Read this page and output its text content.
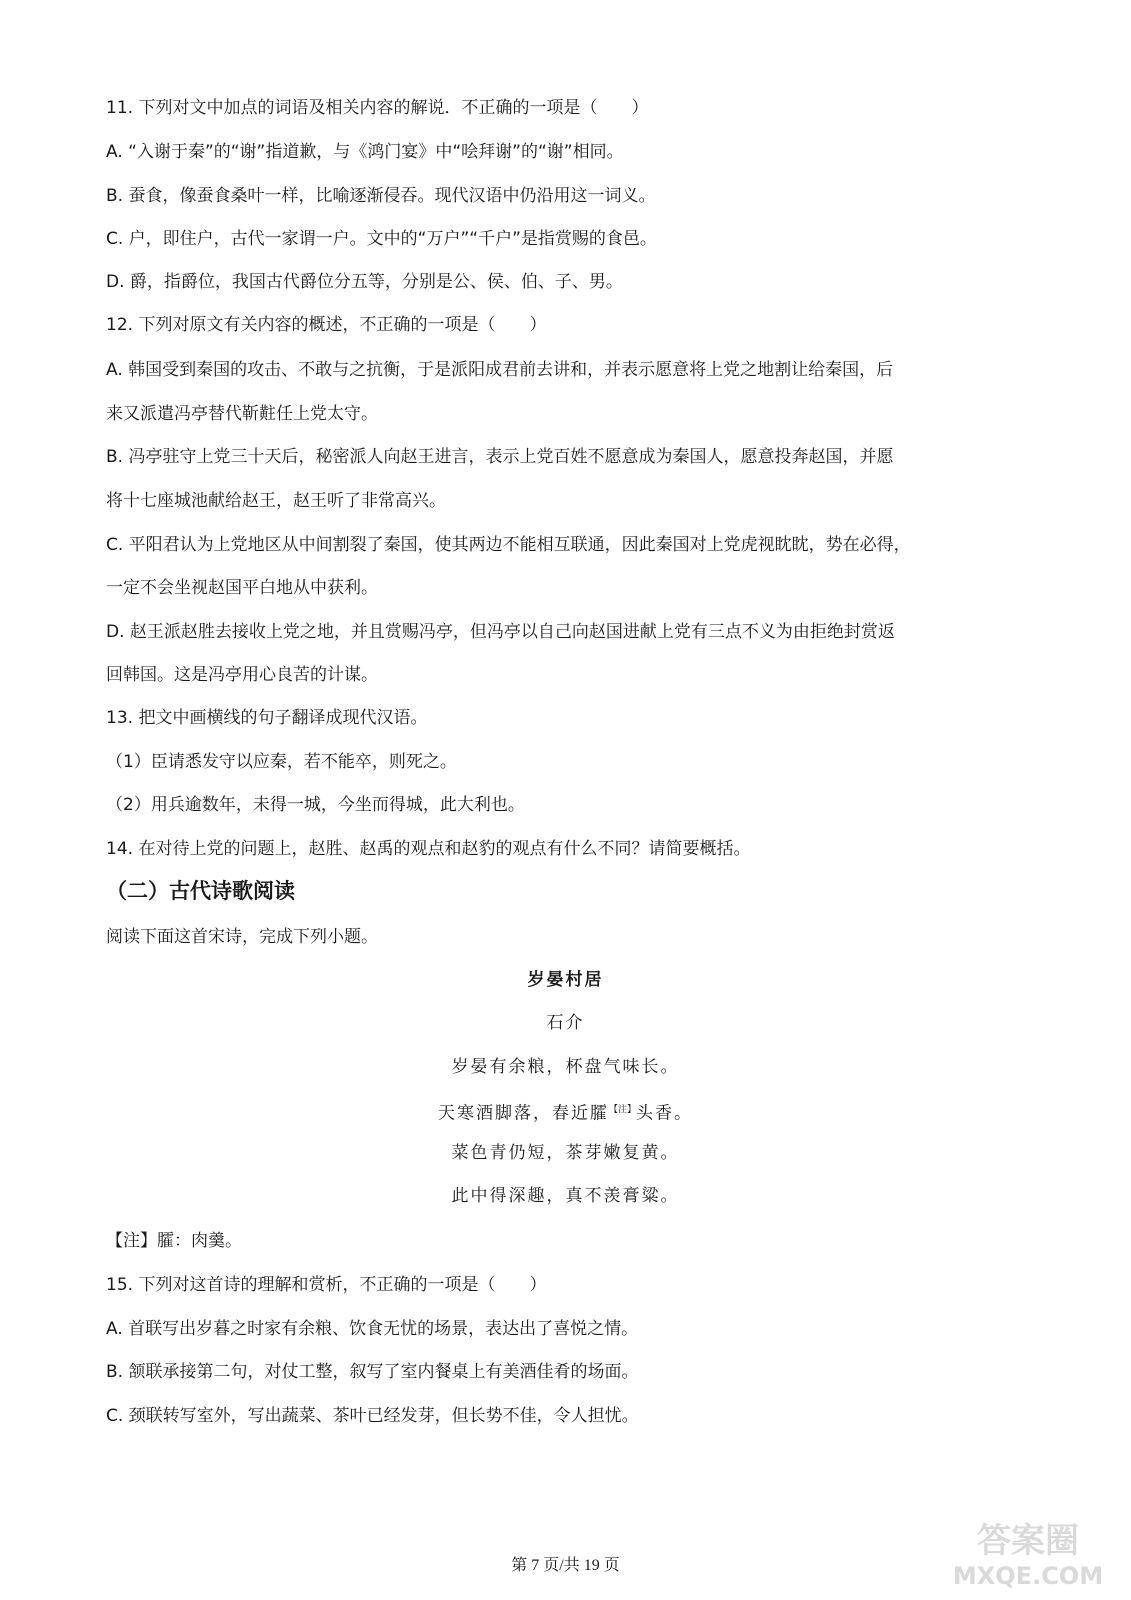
11. 下列对文中加点的词语及相关内容的解说．不正确的一项是（　　）
A. “入谢于秦”的“谢”指道歉，与《鸿门宴》中“哙拜谢”的“谢”相同。
B. 蚕食，像蚕食桑叶一样，比喻逐渐侵吞。现代汉语中仍沿用这一词义。
C. 户，即住户，古代一家谓一户。文中的“万户”“千户”是指赏赐的食邑。
D. 爵，指爵位，我国古代爵位分五等，分别是公、侯、伯、子、男。
12. 下列对原文有关内容的概述，不正确的一项是（　　）
A. 韩国受到秦国的攻击、不敢与之抗衡，于是派阳成君前去讲和，并表示愿意将上党之地割让给秦国，后
来又派遣冯亭替代靳黈任上党太守。
B. 冯亭驻守上党三十天后，秘密派人向赵王进言，表示上党百姓不愿意成为秦国人，愿意投奔赵国，并愿
将十七座城池献给赵王，赵王听了非常高兴。
C. 平阳君认为上党地区从中间割裂了秦国，使其两边不能相互联通，因此秦国对上党虎视眈眈，势在必得，
一定不会坐视赵国平白地从中获利。
D. 赵王派赵胜去接收上党之地，并且赏赐冯亭，但冯亭以自己向赵国进献上党有三点不义为由拒绝封赏返
回韩国。这是冯亭用心良苦的计谋。
13. 把文中画横线的句子翻译成现代汉语。
（1）臣请悉发守以应秦，若不能卒，则死之。
（2）用兵逾数年，未得一城，今坐而得城，此大利也。
14. 在对待上党的问题上，赵胜、赵禹的观点和赵豹的观点有什么不同？请简要概括。
（二）古代诗歌阅读
阅读下面这首宋诗，完成下列小题。
岁晏村居
石介
岁晏有余粮，杯盘气味长。
天寒酒脚落，春近臛$^{【注】}$头香。
菜色青仍短，茶芽嫩复黄。
此中得深趣，真不羡膏粱。
【注】臛：肉羹。
15. 下列对这首诗的理解和赏析，不正确的一项是（　　）
A. 首联写出岁暮之时家有余粮、饮食无忧的场景，表达出了喜悦之情。
B. 颔联承接第二句，对仗工整，叙写了室内餐桌上有美酒佳肴的场面。
C. 颈联转写室外，写出蔬菜、茶叶已经发芽，但长势不佳，令人担忧。
第 7 页/共 19 页
答案圈
MXQE.COM
